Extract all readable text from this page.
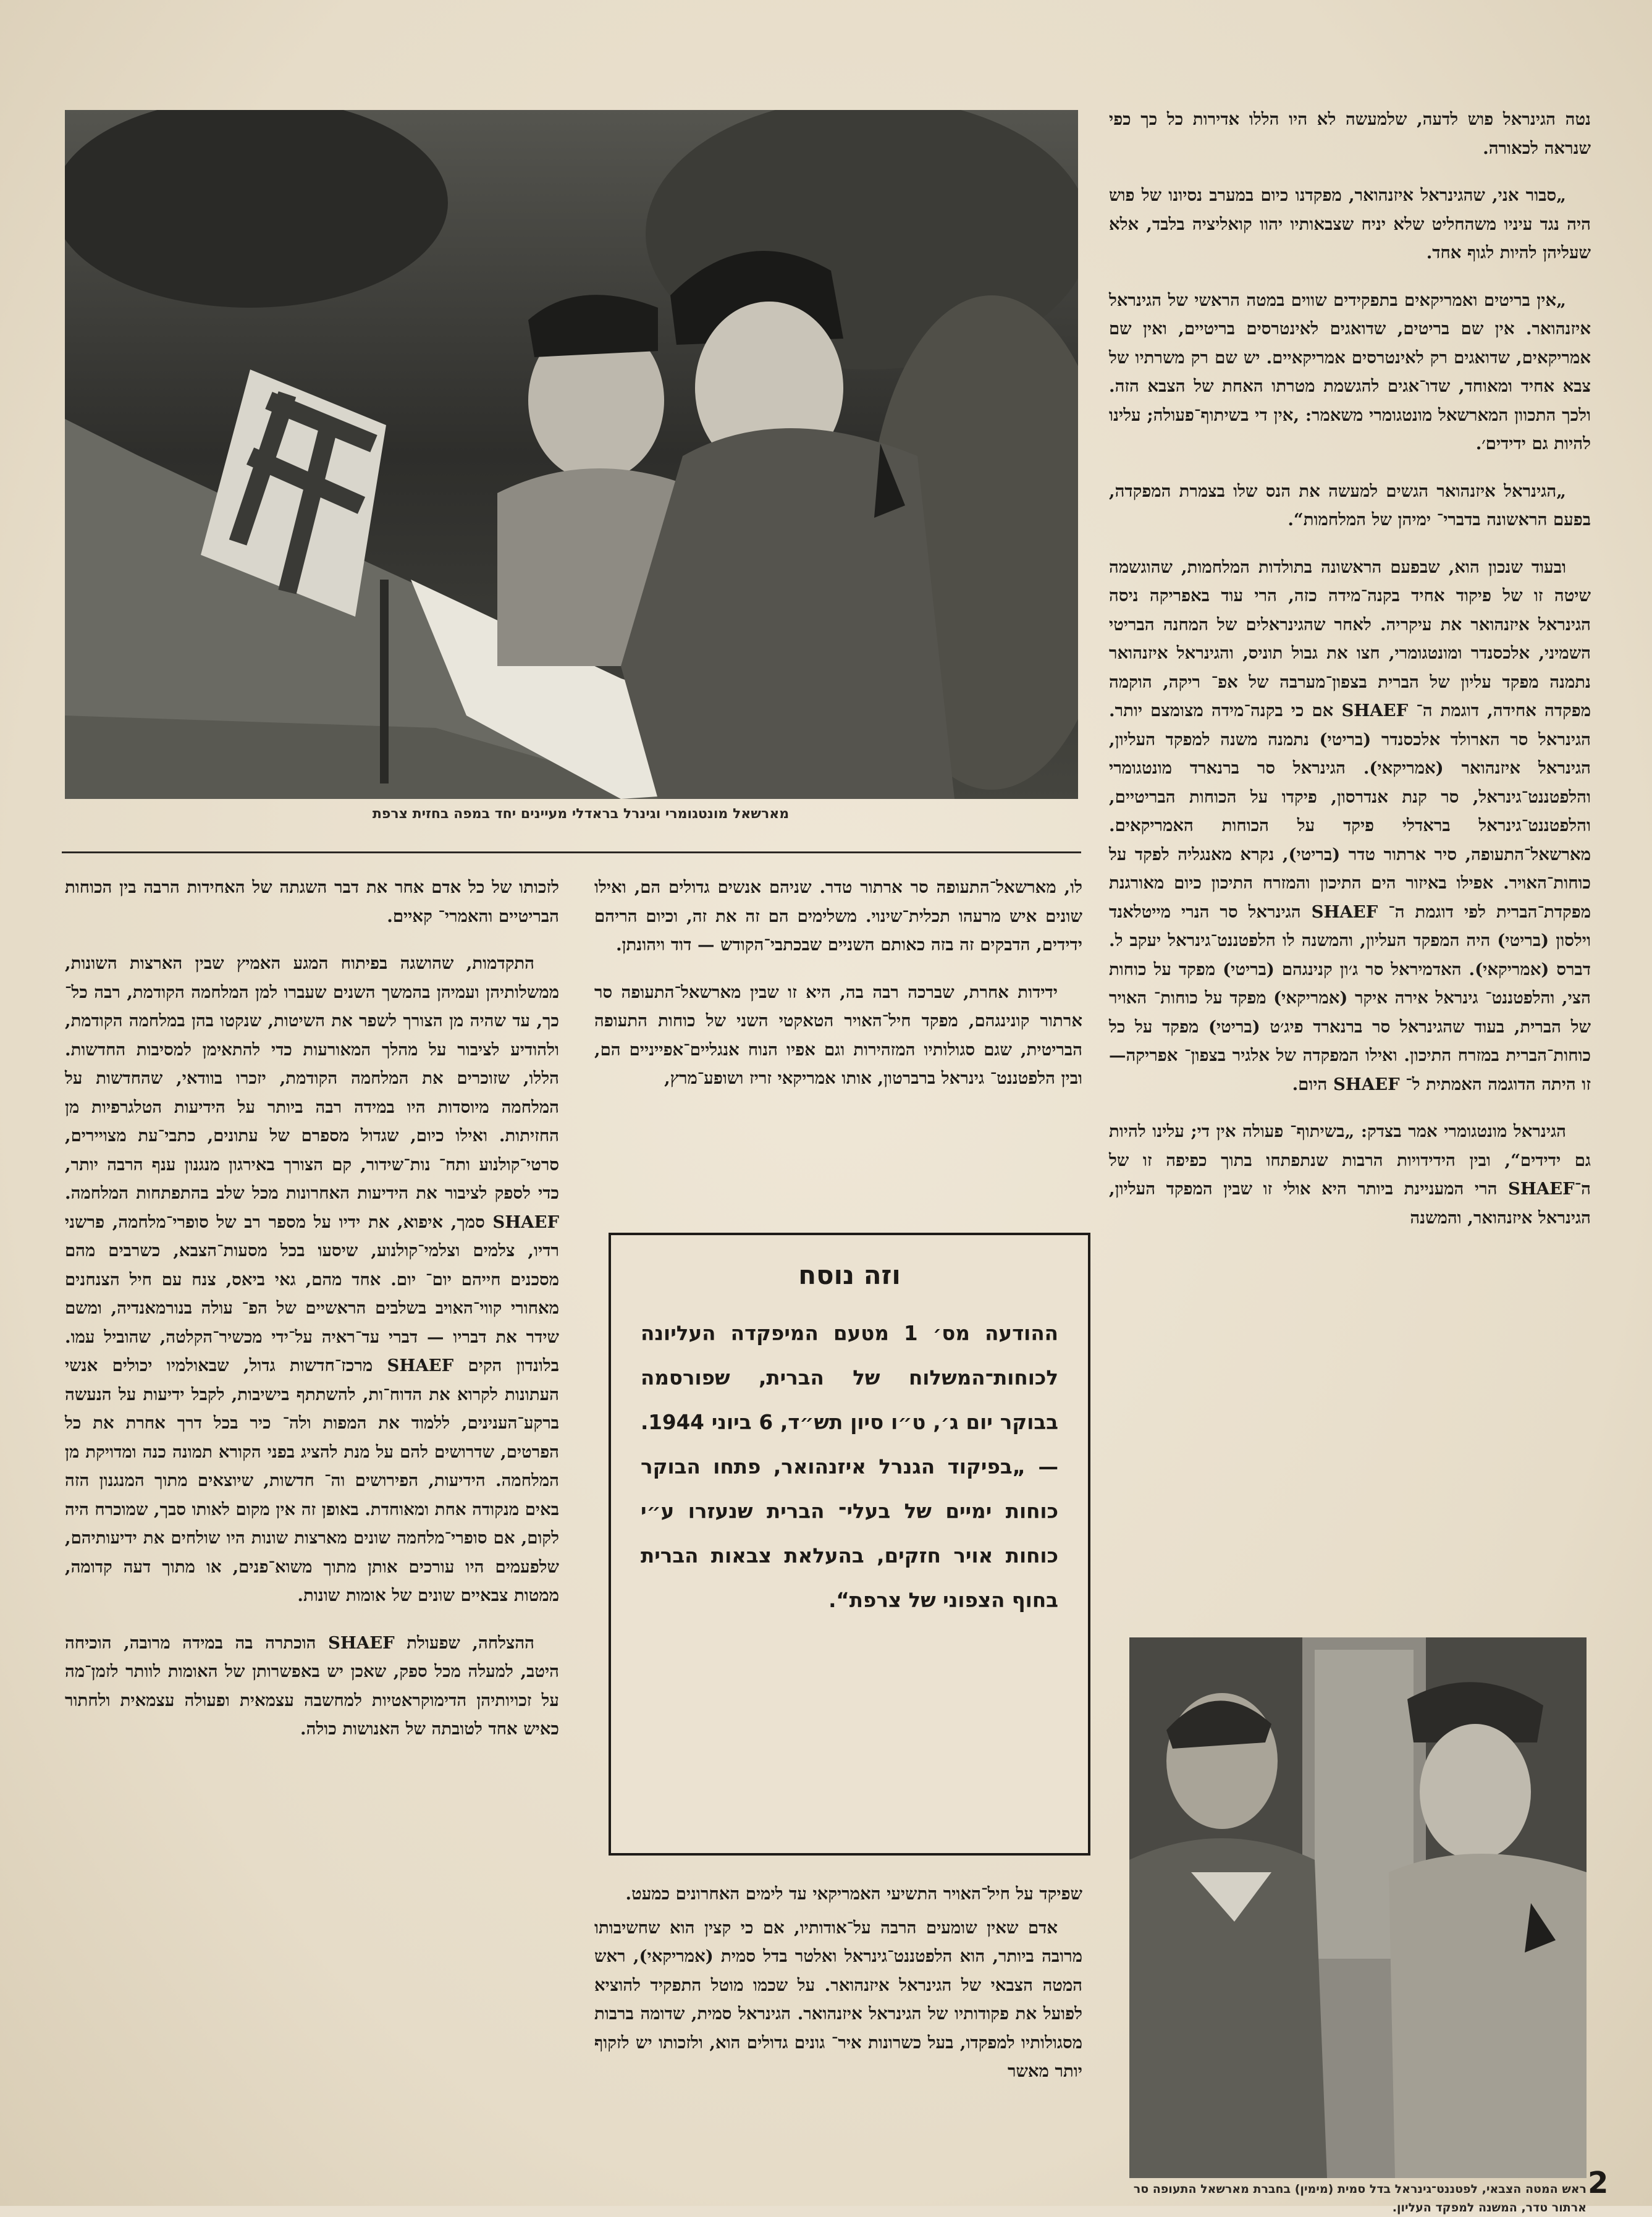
מארשאל מונטגומרי וגינרל בראדלי מעיינים יחד במפה בחזית צרפת

נטה הגינראל פוש לדעה, שלמעשה לא היו הללו אדירות כל כך כפי שנראה לכאורה.

„סבור אני, שהגינראל איזנהואר, מפקדנו כיום במערב נסיונו של פוש היה נגד עיניו משהחליט שלא יניח שצבאותיו יהוו קואליציה בלבד, אלא שעליהן להיות לגוף אחד.

„אין בריטים ואמריקאים בתפקידים שווים במטה הראשי של הגינראל איזנהואר. אין שם בריטים, שדואגים לאינטרסים בריטיים, ואין שם אמריקאים, שדואגים רק לאינטרסים אמריקאיים. יש שם רק משרתיו של צבא אחיד ומאוחד, שדו־אגים להגשמת מטרתו האחת של הצבא הזה. ולכך התכוון המארשאל מונטגומרי משאמר: ,אין די בשיתוף־פעולה; עלינו להיות גם ידידים׳.

„הגינראל איזנהואר הגשים למעשה את הנס שלו בצמרת המפקדה, בפעם הראשונה בדברי־ ימיהן של המלחמות“.

ובעוד שנכון הוא, שבפעם הראשונה בתולדות המלחמות, שהוגשמה שיטה זו של פיקוד אחיד בקנה־מידה כזה, הרי עוד באפריקה ניסה הגינראל איזנהואר את עיקריה. לאחר שהגינראלים של המחנה הבריטי השמיני, אלכסנדר ומונטגומרי, חצו את גבול תוניס, והגינראל איזנהואר נתמנה מפקד עליון של הברית בצפון־מערבה של אפ־ ריקה, הוקמה מפקדה אחידה, דוגמת ה־ SHAEF אם כי בקנה־מידה מצומצם יותר. הגינראל סר הארולד אלכסנדר (בריטי) נתמנה משנה למפקד העליון, הגינראל איזנהואר (אמריקאי). הגינראל סר ברנארד מונטגומרי והלפטננט־גינראל, סר קנת אנדרסון, פיקדו על הכוחות הבריטיים, והלפטננט־גינראל בראדלי פיקד על הכוחות האמריקאים. מארשאל־התעופה, סיר ארתור טדר (בריטי), נקרא מאנגליה לפקד על כוחות־האויר. אפילו באיזור הים התיכון והמזרח התיכון כיום מאורגנת מפקדת־הברית לפי דוגמת ה־ SHAEF הגינראל סר הנרי מייטלאנד וילסון (בריטי) היה המפקד העליון, והמשנה לו הלפטננט־גינראל יעקב ל. דברס (אמריקאי). האדמיראל סר ג׳ון קנינגהם (בריטי) מפקד על כוחות הצי, והלפטננט־ גינראל אירה איקר (אמריקאי) מפקד על כוחות־ האויר של הברית, בעוד שהגינראל סר ברנארד פיג׳ט (בריטי) מפקד על כל כוחות־הברית במזרח התיכון. ואילו המפקדה של אלגיר בצפון־ אפריקה—זו היתה הדוגמה האמתית ל־ SHAEF היום.

הגינראל מונטגומרי אמר בצדק: „בשיתוף־ פעולה אין די; עלינו להיות גם ידידים“, ובין הידידויות הרבות שנתפתחו בתוך כפיפה זו של ה־SHAEF הרי המעניינת ביותר היא אולי זו שבין המפקד העליון, הגינראל איזנהואר, והמשנה

ראש המטה הצבאי, לפטננט־גינראל בדל סמית (מימין) בחברת מארשאל התעופה סר ארתור טדר, המשנה למפקד העליון.

לו, מארשאל־התעופה סר ארתור טדר. שניהם אנשים גדולים הם, ואילו שונים איש מרעהו תכלית־שינוי. משלימים הם זה את זה, וכיום הריהם ידידים, הדבקים זה בזה כאותם השניים שבכתבי־הקודש — דוד ויהונתן.

ידידות אחרת, שברכה רבה בה, היא זו שבין מארשאל־התעופה סר ארתור קונינגהם, מפקד חיל־האויר הטאקטי השני של כוחות התעופה הבריטית, שגם סגולותיו המזהירות וגם אפיו הנוח אנגליים־אפייניים הם, ובין הלפטננט־ גינראל ברברטון, אותו אמריקאי זריז ושופע־מרץ,

וזה נוסח
ההודעה מס׳ 1 מטעם המיפקדה העליונה לכוחות־המשלוח של הברית, שפורסמה בבוקר יום ג׳, ט״ו סיון תש״ד, 6 ביוני 1944. — „בפיקוד הגנרל איזנהואר, פתחו הבוקר כוחות ימיים של בעלי־ הברית שנעזרו ע״י כוחות אויר חזקים, בהעלאת צבאות הברית בחוף הצפוני של צרפת“.

שפיקד על חיל־האויר התשיעי האמריקאי עד לימים האחרונים כמעט.

אדם שאין שומעים הרבה על־אודותיו, אם כי קצין הוא שחשיבותו מרובה ביותר, הוא הלפטננט־גינראל ואלטר בדל סמית (אמריקאי), ראש המטה הצבאי של הגינראל איזנהואר. על שכמו מוטל התפקיד להוציא לפועל את פקודותיו של הגינראל איזנהואר. הגינראל סמית, שדומה ברבות מסגולותיו למפקדו, בעל כשרונות איר־ גונים גדולים הוא, ולזכותו יש לזקוף יותר מאשר

לזכותו של כל אדם אחר את דבר השגתה של האחידות הרבה בין הכוחות הבריטיים והאמרי־ קאיים.

התקדמות, שהושגה בפיתוח המגע האמיץ שבין הארצות השונות, ממשלותיהן ועמיהן בהמשך השנים שעברו למן המלחמה הקודמת, רבה כל־ כך, עד שהיה מן הצורך לשפר את השיטות, שנקטו בהן במלחמה הקודמת, ולהודיע לציבור על מהלך המאורעות כדי להתאימן למסיבות החדשות. הללו, שזוכרים את המלחמה הקודמת, יזכרו בוודאי, שהחדשות על המלחמה מיוסדות היו במידה רבה ביותר על הידיעות הטלגרפיות מן החזיתות. ואילו כיום, שגדול מספרם של עתונים, כתבי־עת מצויירים, סרטי־קולנוע ותח־ נות־שידור, קם הצורך באירגון מנגנון ענף הרבה יותר, כדי לספק לציבור את הידיעות האחרונות מכל שלב בהתפתחות המלחמה. SHAEF סמך, איפוא, את ידיו על מספר רב של סופרי־מלחמה, פרשני רדיו, צלמים וצלמי־קולנוע, שיסעו בכל מסעות־הצבא, כשרבים מהם מסכנים חייהם יום־ יום. אחד מהם, גאי ביאס, צנח עם חיל הצנחנים מאחורי קווי־האויב בשלבים הראשיים של הפ־ עולה בנורמאנדיה, ומשם שידר את דבריו — דברי עד־ראיה על־ידי מכשיר־הקלטה, שהוביל עמו. בלונדון הקים SHAEF מרכז־חדשות גדול, שבאולמיו יכולים אנשי העתונות לקרוא את הדוח־ות, להשתתף בישיבות, לקבל ידיעות על הנעשה ברקע־הענינים, ללמוד את המפות ולה־ כיר בכל דרך אחרת את כל הפרטים, שדרושים להם על מנת להציג בפני הקורא תמונה כנה ומדויקת מן המלחמה. הידיעות, הפירושים וה־ חדשות, שיוצאים מתוך המנגנון הזה באים מנקודה אחת ומאוחדת. באופן זה אין מקום לאותו סבך, שמוכרח היה לקום, אם סופרי־מלחמה שונים מארצות שונות היו שולחים את ידיעותיהם, שלפעמים היו עורכים אותן מתוך משוא־פנים, או מתוך דעה קדומה, ממטות צבאיים שונים של אומות שונות.

ההצלחה, שפעולת SHAEF הוכתרה בה במידה מרובה, הוכיחה היטב, למעלה מכל ספק, שאכן יש באפשרותן של האומות לוותר לזמן־מה על זכויותיהן הדימוקראטיות למחשבה עצמאית ופעולה עצמאית ולחתור כאיש אחד לטובתה של האנושות כולה.

2
